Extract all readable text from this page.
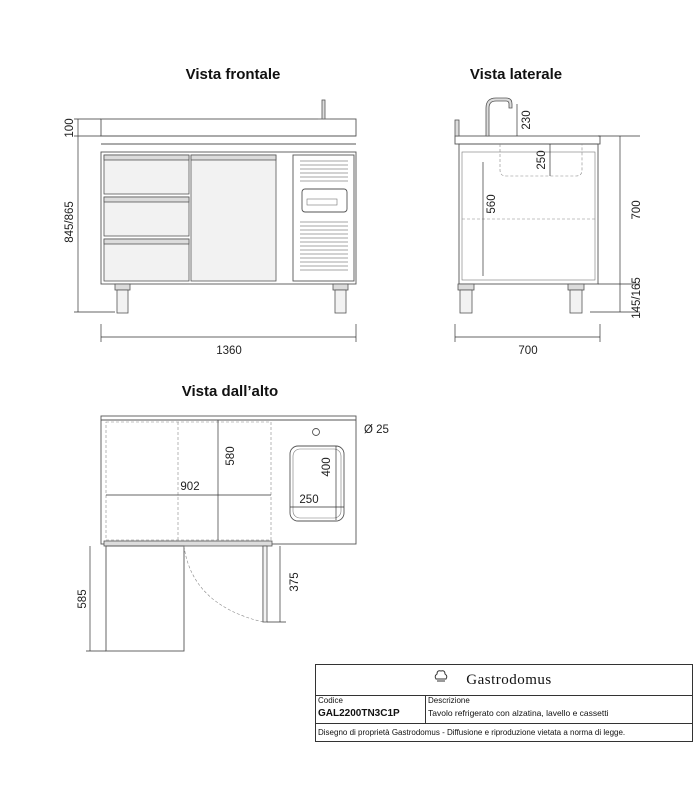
Vista frontale	Vista laterale
Vista dall’alto
100
845/865
1360
230
250
560	700
145/165
700
Ø 25
580
400
902
250
375
585
Gastrodomus
Codice
GAL2200TN3C1P
Descrizione
Tavolo refrigerato con alzatina, lavello e cassetti
Disegno di proprietà Gastrodomus - Diffusione e riproduzione vietata a norma di legge.
